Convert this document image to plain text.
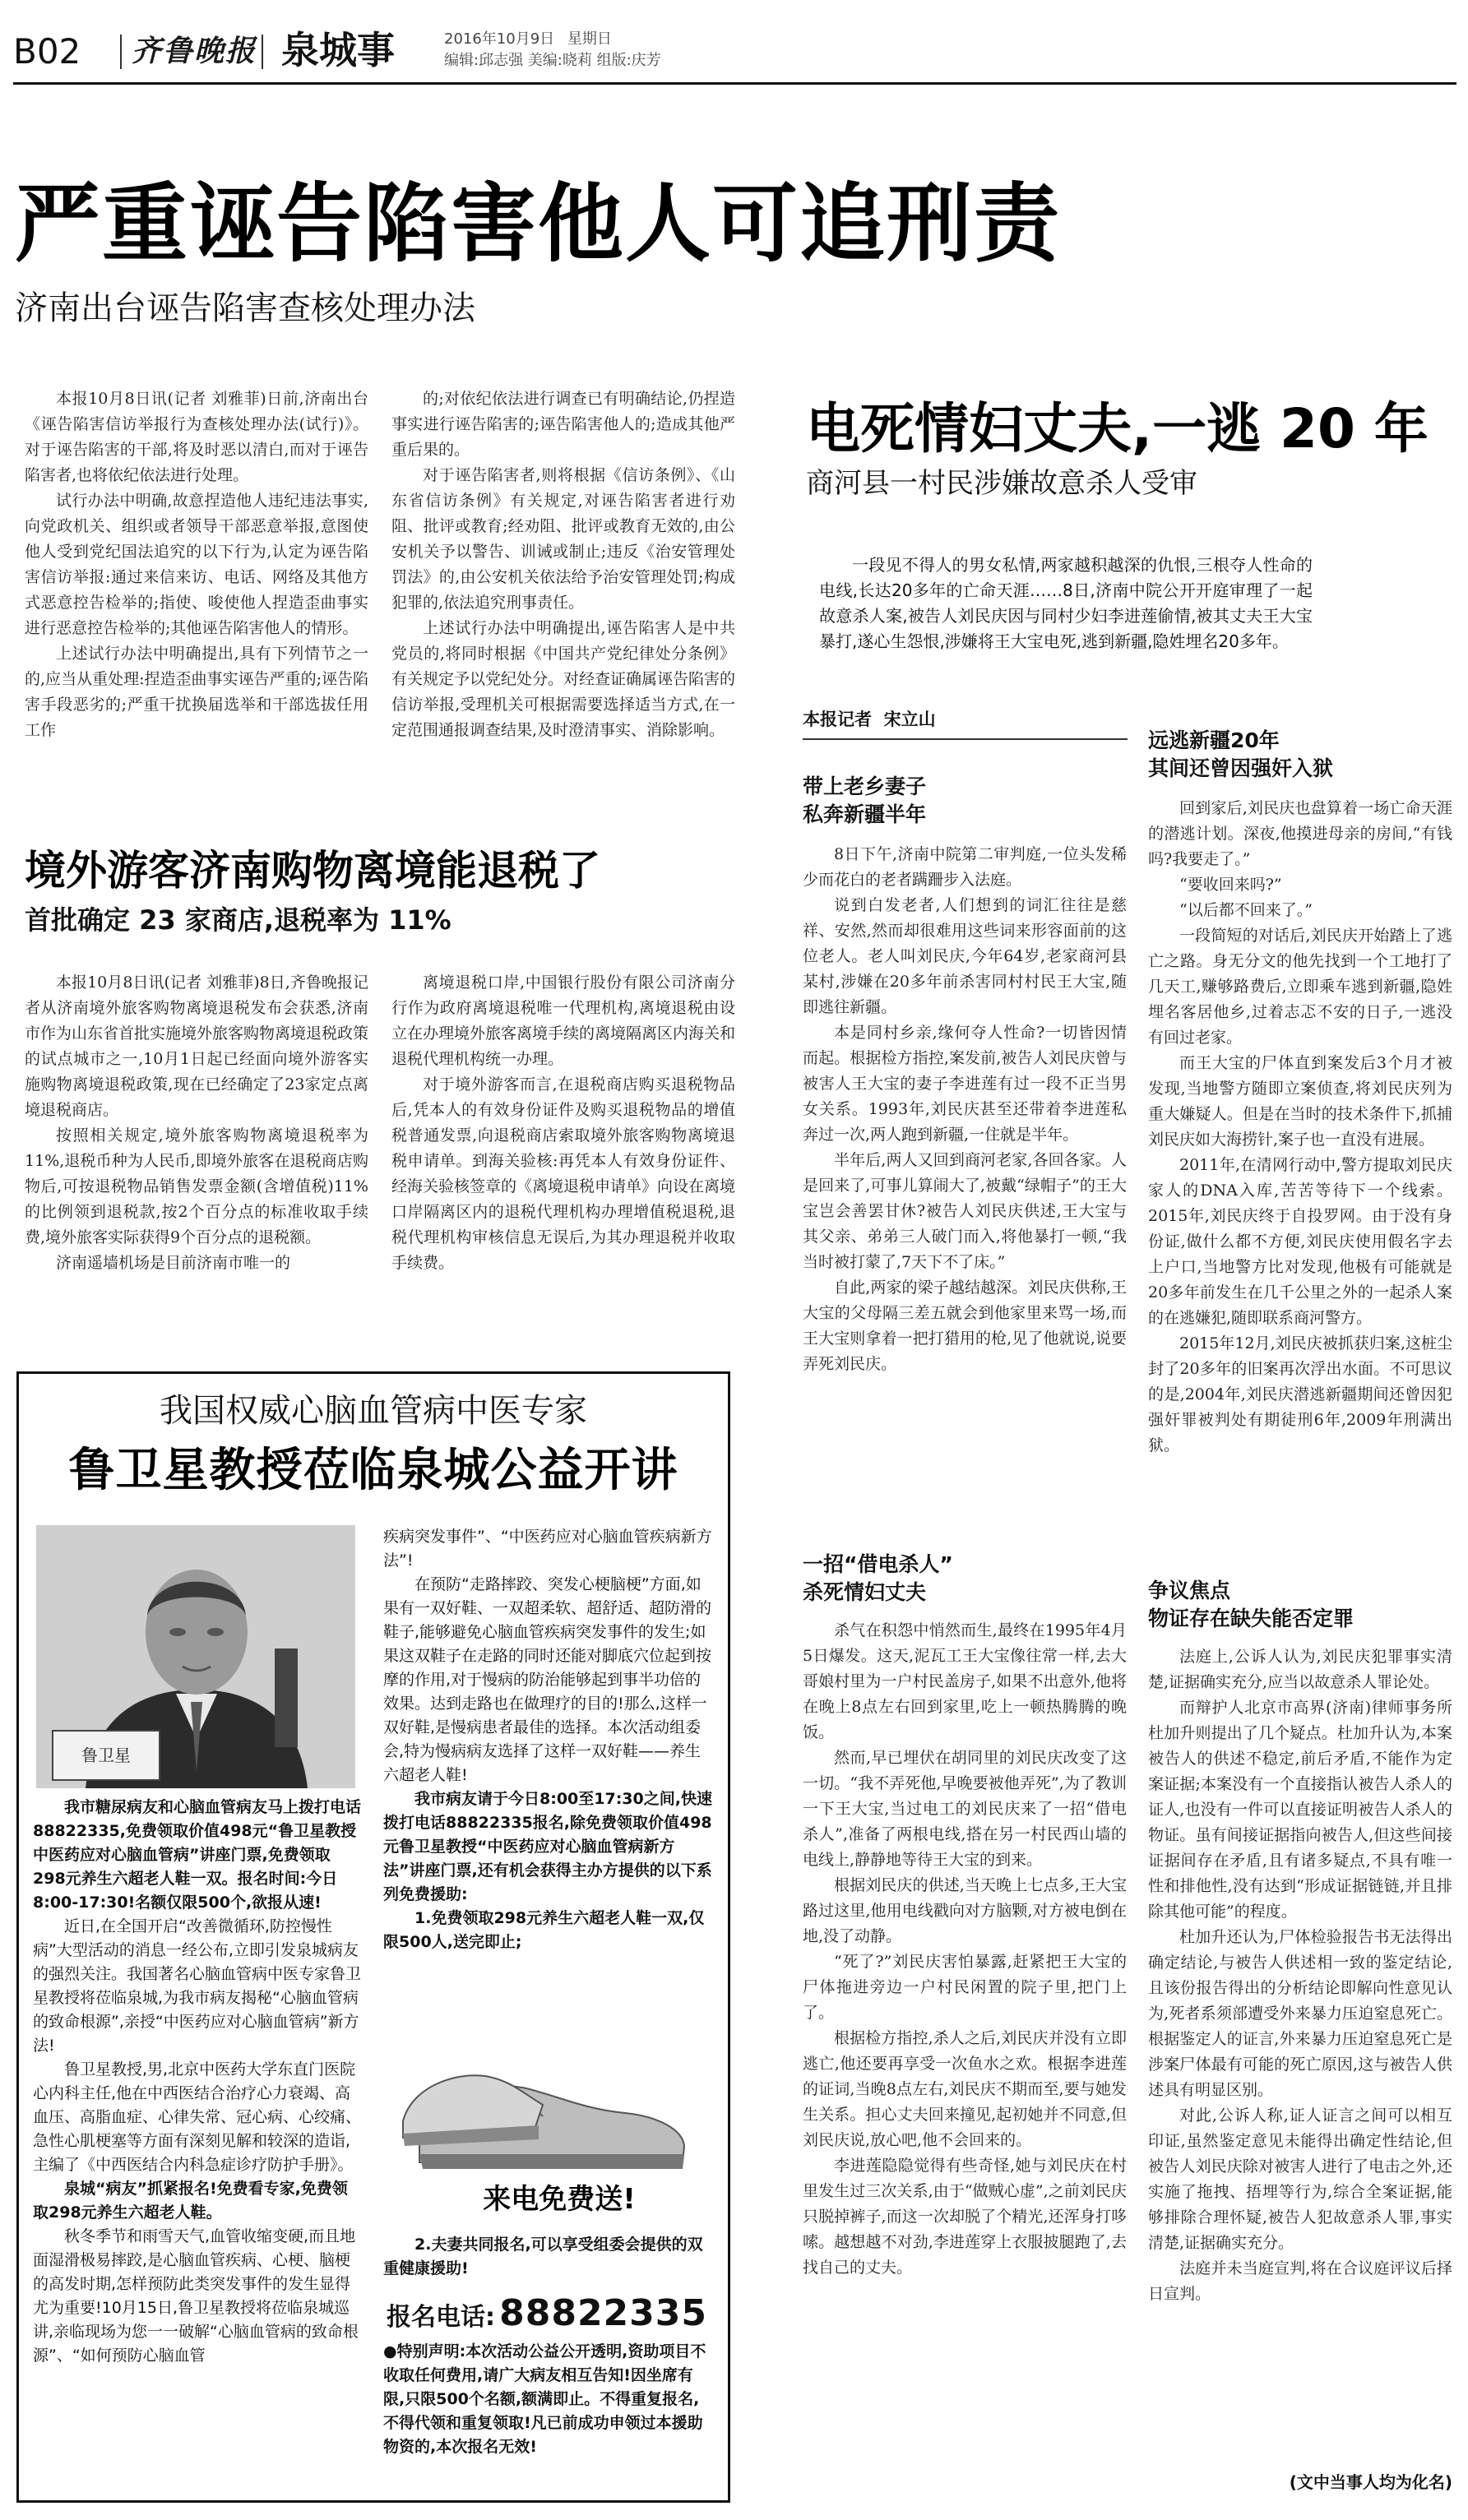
B02 齐鲁晚报 泉城事	2016年10月9日 星期日
编辑:邱志强 美编:晓莉 组版:庆芳
严重诬告陷害他人可追刑责
济南出台诬告陷害查核处理办法

本报10月8日讯(记者 刘雅菲)日前,济南出台《诬告陷害信访举报行为查核处理办法(试行)》。对于诬告陷害的干部,将及时恶以清白,而对于诬告陷害者,也将依纪依法进行处理。

试行办法中明确,故意捏造他人违纪违法事实,向党政机关、组织或者领导干部恶意举报,意图使他人受到党纪国法追究的以下行为,认定为诬告陷害信访举报:通过来信来访、电话、网络及其他方式恶意控告检举的;指使、唆使他人捏造歪曲事实进行恶意控告检举的;其他诬告陷害他人的情形。

上述试行办法中明确提出,具有下列情节之一的,应当从重处理:捏造歪曲事实诬告严重的;诬告陷害手段恶劣的;严重干扰换届选举和干部选拔任用工作

的;对依纪依法进行调查已有明确结论,仍捏造事实进行诬告陷害的;诬告陷害他人的;造成其他严重后果的。

对于诬告陷害者,则将根据《信访条例》、《山东省信访条例》有关规定,对诬告陷害者进行劝阻、批评或教育;经劝阻、批评或教育无效的,由公安机关予以警告、训诫或制止;违反《治安管理处罚法》的,由公安机关依法给予治安管理处罚;构成犯罪的,依法追究刑事责任。

上述试行办法中明确提出,诬告陷害人是中共党员的,将同时根据《中国共产党纪律处分条例》有关规定予以党纪处分。对经查证确属诬告陷害的信访举报,受理机关可根据需要选择适当方式,在一定范围通报调查结果,及时澄清事实、消除影响。

境外游客济南购物离境能退税了
首批确定 23 家商店,退税率为 11%

本报10月8日讯(记者 刘雅菲)8日,齐鲁晚报记者从济南境外旅客购物离境退税发布会获悉,济南市作为山东省首批实施境外旅客购物离境退税政策的试点城市之一,10月1日起已经面向境外游客实施购物离境退税政策,现在已经确定了23家定点离境退税商店。

按照相关规定,境外旅客购物离境退税率为11%,退税币种为人民币,即境外旅客在退税商店购物后,可按退税物品销售发票金额(含增值税)11%的比例领到退税款,按2个百分点的标准收取手续费,境外旅客实际获得9个百分点的退税额。

济南遥墙机场是目前济南市唯一的

离境退税口岸,中国银行股份有限公司济南分行作为政府离境退税唯一代理机构,离境退税由设立在办理境外旅客离境手续的离境隔离区内海关和退税代理机构统一办理。

对于境外游客而言,在退税商店购买退税物品后,凭本人的有效身份证件及购买退税物品的增值税普通发票,向退税商店索取境外旅客购物离境退税申请单。到海关验核:再凭本人有效身份证件、经海关验核签章的《离境退税申请单》向设在离境口岸隔离区内的退税代理机构办理增值税退税,退税代理机构审核信息无误后,为其办理退税并收取手续费。

我国权威心脑血管病中医专家
鲁卫星教授莅临泉城公益开讲
鲁卫星

我市糖尿病友和心脑血管病友马上拨打电话88822335,免费领取价值498元“鲁卫星教授中医药应对心脑血管病”讲座门票,免费领取298元养生六超老人鞋一双。报名时间:今日8:00-17:30!名额仅限500个,欲报从速!

近日,在全国开启“改善微循环,防控慢性病”大型活动的消息一经公布,立即引发泉城病友的强烈关注。我国著名心脑血管病中医专家鲁卫星教授将莅临泉城,为我市病友揭秘“心脑血管病的致命根源”,亲授“中医药应对心脑血管病”新方法!

鲁卫星教授,男,北京中医药大学东直门医院心内科主任,他在中西医结合治疗心力衰竭、高血压、高脂血症、心律失常、冠心病、心绞痛、急性心肌梗塞等方面有深刻见解和较深的造诣,主编了《中西医结合内科急症诊疗防护手册》。

泉城“病友”抓紧报名!免费看专家,免费领取298元养生六超老人鞋。

秋冬季节和雨雪天气,血管收缩变硬,而且地面湿滑极易摔跤,是心脑血管疾病、心梗、脑梗的高发时期,怎样预防此类突发事件的发生显得尤为重要!10月15日,鲁卫星教授将莅临泉城巡讲,亲临现场为您一一破解“心脑血管病的致命根源”、“如何预防心脑血管

疾病突发事件”、“中医药应对心脑血管疾病新方法”!

在预防“走路摔跤、突发心梗脑梗”方面,如果有一双好鞋、一双超柔软、超舒适、超防滑的鞋子,能够避免心脑血管疾病突发事件的发生;如果这双鞋子在走路的同时还能对脚底穴位起到按摩的作用,对于慢病的防治能够起到事半功倍的效果。达到走路也在做理疗的目的!那么,这样一双好鞋,是慢病患者最佳的选择。本次活动组委会,特为慢病病友选择了这样一双好鞋——养生六超老人鞋!

我市病友请于今日8:00至17:30之间,快速拨打电话88822335报名,除免费领取价值498元鲁卫星教授“中医药应对心脑血管病新方法”讲座门票,还有机会获得主办方提供的以下系列免费援助:

1.免费领取298元养生六超老人鞋一双,仅限500人,送完即止;

来电免费送!
2.夫妻共同报名,可以享受组委会提供的双重健康援助!
报名电话: 88822335
●特别声明:本次活动公益公开透明,资助项目不收取任何费用,请广大病友相互告知!因坐席有限,只限500个名额,额满即止。不得重复报名,不得代领和重复领取!凡已前成功申领过本援助物资的,本次报名无效!
电死情妇丈夫,一逃 20 年
商河县一村民涉嫌故意杀人受审
一段见不得人的男女私情,两家越积越深的仇恨,三根夺人性命的电线,长达20多年的亡命天涯……8日,济南中院公开开庭审理了一起故意杀人案,被告人刘民庆因与同村少妇李进莲偷情,被其丈夫王大宝暴打,遂心生怨恨,涉嫌将王大宝电死,逃到新疆,隐姓埋名20多年。
本报记者  宋立山
带上老乡妻子
私奔新疆半年

8日下午,济南中院第二审判庭,一位头发稀少而花白的老者蹒跚步入法庭。

说到白发老者,人们想到的词汇往往是慈祥、安然,然而却很难用这些词来形容面前的这位老人。老人叫刘民庆,今年64岁,老家商河县某村,涉嫌在20多年前杀害同村村民王大宝,随即逃往新疆。

本是同村乡亲,缘何夺人性命?一切皆因情而起。根据检方指控,案发前,被告人刘民庆曾与被害人王大宝的妻子李进莲有过一段不正当男女关系。1993年,刘民庆甚至还带着李进莲私奔过一次,两人跑到新疆,一住就是半年。

半年后,两人又回到商河老家,各回各家。人是回来了,可事儿算闹大了,被戴“绿帽子”的王大宝岂会善罢甘休?被告人刘民庆供述,王大宝与其父亲、弟弟三人破门而入,将他暴打一顿,“我当时被打蒙了,7天下不了床。”

自此,两家的梁子越结越深。刘民庆供称,王大宝的父母隔三差五就会到他家里来骂一场,而王大宝则拿着一把打猎用的枪,见了他就说,说要弄死刘民庆。

一招“借电杀人”
杀死情妇丈夫

杀气在积怨中悄然而生,最终在1995年4月5日爆发。这天,泥瓦工王大宝像往常一样,去大哥娘村里为一户村民盖房子,如果不出意外,他将在晚上8点左右回到家里,吃上一顿热腾腾的晚饭。

然而,早已埋伏在胡同里的刘民庆改变了这一切。“我不弄死他,早晚要被他弄死”,为了教训一下王大宝,当过电工的刘民庆来了一招“借电杀人”,准备了两根电线,搭在另一村民西山墙的电线上,静静地等待王大宝的到来。

根据刘民庆的供述,当天晚上七点多,王大宝路过这里,他用电线戳向对方脑颗,对方被电倒在地,没了动静。

“死了?”刘民庆害怕暴露,赶紧把王大宝的尸体拖进旁边一户村民闲置的院子里,把门上了。

根据检方指控,杀人之后,刘民庆并没有立即逃亡,他还要再享受一次鱼水之欢。根据李进莲的证词,当晚8点左右,刘民庆不期而至,要与她发生关系。担心丈夫回来撞见,起初她并不同意,但刘民庆说,放心吧,他不会回来的。

李进莲隐隐觉得有些奇怪,她与刘民庆在村里发生过三次关系,由于“做贼心虚”,之前刘民庆只脱掉裤子,而这一次却脱了个精光,还浑身打哆嗦。越想越不对劲,李进莲穿上衣服披腿跑了,去找自己的丈夫。

远逃新疆20年
其间还曾因强奸入狱

回到家后,刘民庆也盘算着一场亡命天涯的潜逃计划。深夜,他摸进母亲的房间,“有钱吗?我要走了。”

“要收回来吗?”

“以后都不回来了。”

一段简短的对话后,刘民庆开始踏上了逃亡之路。身无分文的他先找到一个工地打了几天工,赚够路费后,立即乘车逃到新疆,隐姓埋名客居他乡,过着志忑不安的日子,一逃没有回过老家。

而王大宝的尸体直到案发后3个月才被发现,当地警方随即立案侦查,将刘民庆列为重大嫌疑人。但是在当时的技术条件下,抓捕刘民庆如大海捞针,案子也一直没有进展。

2011年,在清网行动中,警方提取刘民庆家人的DNA入库,苦苦等待下一个线索。2015年,刘民庆终于自投罗网。由于没有身份证,做什么都不方便,刘民庆使用假名字去上户口,当地警方比对发现,他极有可能就是20多年前发生在几千公里之外的一起杀人案的在逃嫌犯,随即联系商河警方。

2015年12月,刘民庆被抓获归案,这桩尘封了20多年的旧案再次浮出水面。不可思议的是,2004年,刘民庆潜逃新疆期间还曾因犯强奸罪被判处有期徒刑6年,2009年刑满出狱。

争议焦点
物证存在缺失能否定罪

法庭上,公诉人认为,刘民庆犯罪事实清楚,证据确实充分,应当以故意杀人罪论处。

而辩护人北京市高界(济南)律师事务所杜加升则提出了几个疑点。杜加升认为,本案被告人的供述不稳定,前后矛盾,不能作为定案证据;本案没有一个直接指认被告人杀人的证人,也没有一件可以直接证明被告人杀人的物证。虽有间接证据指向被告人,但这些间接证据间存在矛盾,且有诸多疑点,不具有唯一性和排他性,没有达到“形成证据链链,并且排除其他可能”的程度。

杜加升还认为,尸体检验报告书无法得出确定结论,与被告人供述相一致的鉴定结论,且该份报告得出的分析结论即解向性意见认为,死者系须部遭受外来暴力压迫窒息死亡。根据鉴定人的证言,外来暴力压迫窒息死亡是涉案尸体最有可能的死亡原因,这与被告人供述具有明显区别。

对此,公诉人称,证人证言之间可以相互印证,虽然鉴定意见未能得出确定性结论,但被告人刘民庆除对被害人进行了电击之外,还实施了拖拽、捂埋等行为,综合全案证据,能够排除合理怀疑,被告人犯故意杀人罪,事实清楚,证据确实充分。

法庭并未当庭宣判,将在合议庭评议后择日宣判。

(文中当事人均为化名)
